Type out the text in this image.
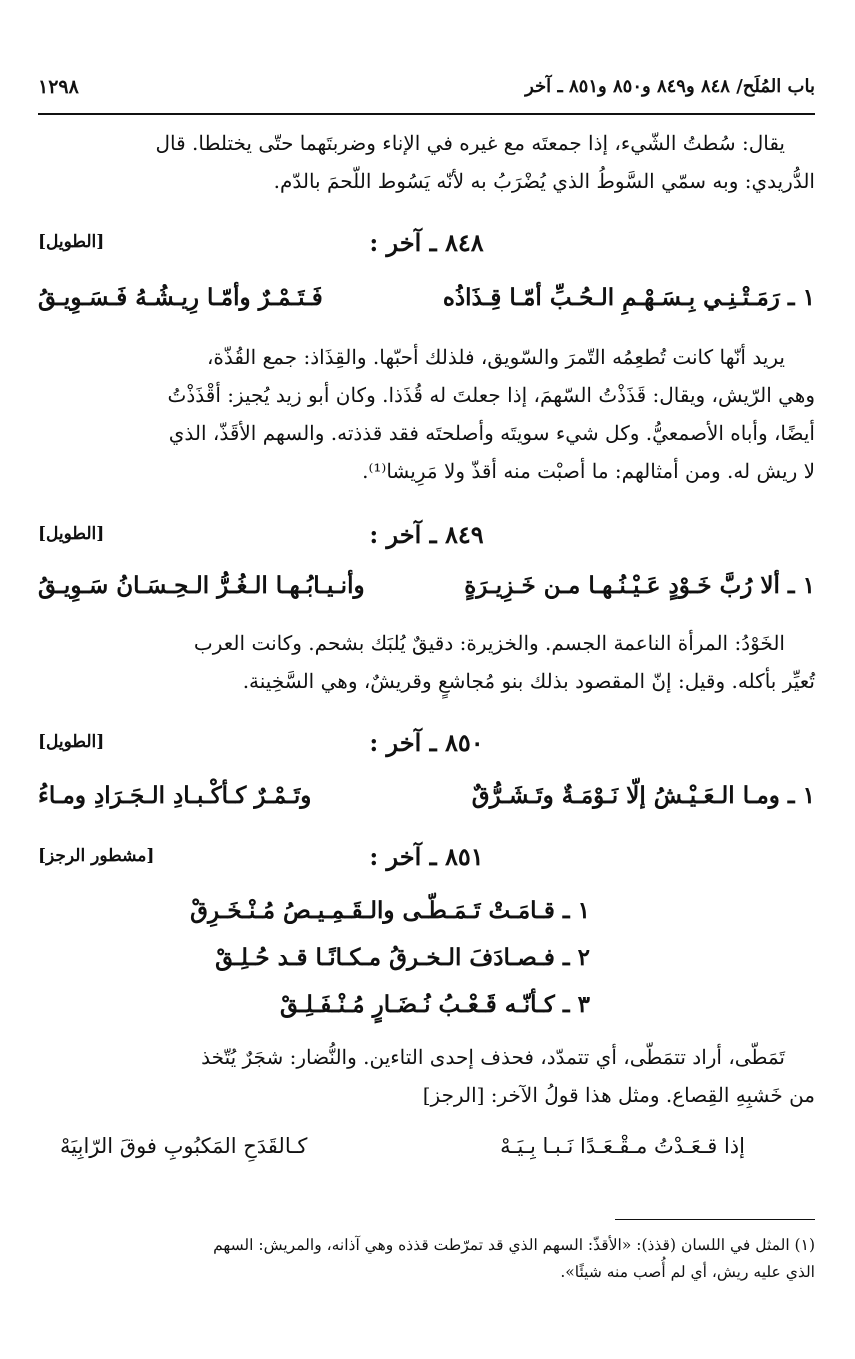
باب المُلَح/ ٨٤٨ و٨٤٩ و٨٥٠ و٨٥١ ـ آخر
١٢٩٨
يقال: سُطتُ الشّيء، إذا جمعتَه مع غيره في الإناء وضربتَهما حتّى يختلطا. قال
الدُّريدي: وبه سمّي السَّوطُ الذي يُضْرَبُ به لأنّه يَسُوط اللّحمَ بالدّم.
٨٤٨ ـ آخر :
[الطويل]
١ ـ رَمَـتْـنِـي بِـسَـهْـمِ الـحُـبِّ أمّـا قِـذَاذُه
فَـتَـمْـرٌ وأمّـا رِيـشُـهُ فَـسَـوِيـقُ
يريد أنّها كانت تُطعِمُه التّمرَ والسّويق، فلذلك أحبّها. والقِذَاذ: جمع القُذّة،
وهي الرّيش، ويقال: قَذَذْتُ السّهمَ، إذا جعلتَ له قُذَذا. وكان أبو زيد يُجيز: أقْذَذْتُ
أيضًا، وأباه الأصمعيُّ. وكل شيء سويتَه وأصلحتَه فقد قذذته. والسهم الأقَذّ، الذي
لا ريش له. ومن أمثالهم: ما أصبْت منه أقذّ ولا مَرِيشا⁽¹⁾.
٨٤٩ ـ آخر :
[الطويل]
١ ـ ألا رُبَّ خَـوْدٍ عَـيْـنُـهـا مـن خَـزِيـرَةٍ
وأنـيـابُـهـا الـغُـرُّ الـحِـسَـانُ سَـوِيـقُ
الخَوْدُ: المرأة الناعمة الجسم. والخزيرة: دقيقٌ يُلبَك بشحم. وكانت العرب
تُعيِّر بأكله. وقيل: إنّ المقصود بذلك بنو مُجاشعٍ وقريشٌ، وهي السَّخِينة.
٨٥٠ ـ آخر :
[الطويل]
١ ـ ومـا الـعَـيْـشُ إلّا نَـوْمَـةٌ وتَـشَـرُّقٌ
وتَـمْـرٌ كـأكْـبـادِ الـجَـرَادِ ومـاءُ
٨٥١ ـ آخر :
[مشطور الرجز]
١ ـ قـامَـتْ تَـمَـطّـى والـقَـمِـيـصُ مُـنْـخَـرِقْ
٢ ـ فـصـادَفَ الـخـرقُ مـكـانًـا قـد حُـلِـقْ
٣ ـ كـأنّـه قَـعْـبُ نُـضَـارٍ مُـنْـفَـلِـقْ
تَمَطّى، أراد تتمَطّى، أي تتمدّد، فحذف إحدى التاءين. والنُّضار: شجَرٌ يُتّخذ
من خَشبِهِ القِصاع. ومثل هذا قولُ الآخر: [الرجز]
إذا قـعَـدْتُ مـقْـعَـدًا نَـبـا بِـيَـهْ
كـالقَدَحِ المَكبُوبِ فوقَ الرّابِيَهْ
(١) المثل في اللسان (قذذ): «الأقذّ: السهم الذي قد تمرّطت قذذه وهي آذانه، والمريش: السهم
الذي عليه ريش، أي لم أُصب منه شيئًا».
